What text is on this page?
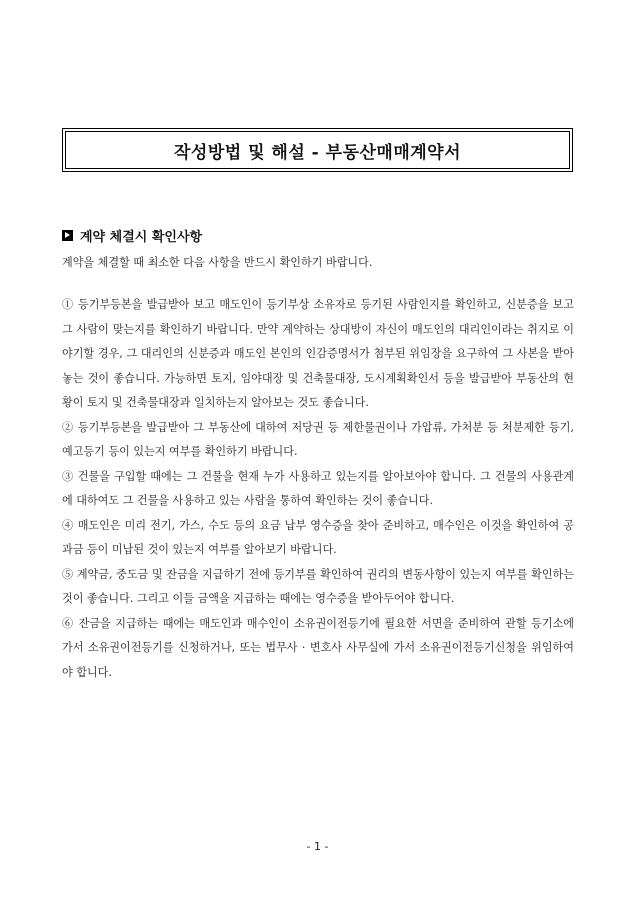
작성방법 및 해설 - 부동산매매계약서
계약 체결시 확인사항
계약을 체결할 때 최소한 다음 사항을 반드시 확인하기 바랍니다.

① 등기부등본을 발급받아 보고 매도인이 등기부상 소유자로 등기된 사람인지를 확인하고, 신분증을 보고 그 사람이 맞는지를 확인하기 바랍니다. 만약 계약하는 상대방이 자신이 매도인의 대리인이라는 취지로 이야기할 경우, 그 대리인의 신분증과 매도인 본인의 인감증명서가 첨부된 위임장을 요구하여 그 사본을 받아 놓는 것이 좋습니다. 가능하면 토지, 임야대장 및 건축물대장, 도시계획확인서 등을 발급받아 부동산의 현황이 토지 및 건축물대장과 일치하는지 알아보는 것도 좋습니다.

② 등기부등본을 발급받아 그 부동산에 대하여 저당권 등 제한물권이나 가압류, 가처분 등 처분제한 등기, 예고등기 등이 있는지 여부를 확인하기 바랍니다.

③ 건물을 구입할 때에는 그 건물을 현재 누가 사용하고 있는지를 알아보아야 합니다. 그 건물의 사용관계에 대하여도 그 건물을 사용하고 있는 사람을 통하여 확인하는 것이 좋습니다.

④ 매도인은 미리 전기, 가스, 수도 등의 요금 납부 영수증을 찾아 준비하고, 매수인은 이것을 확인하여 공과금 등이 미납된 것이 있는지 여부를 알아보기 바랍니다.

⑤ 계약금, 중도금 및 잔금을 지급하기 전에 등기부를 확인하여 권리의 변동사항이 있는지 여부를 확인하는 것이 좋습니다. 그리고 이들 금액을 지급하는 때에는 영수증을 받아두어야 합니다.

⑥ 잔금을 지급하는 때에는 매도인과 매수인이 소유권이전등기에 필요한 서면을 준비하여 관할 등기소에 가서 소유권이전등기를 신청하거나, 또는 법무사 · 변호사 사무실에 가서 소유권이전등기신청을 위임하여야 합니다.

- 1 -
